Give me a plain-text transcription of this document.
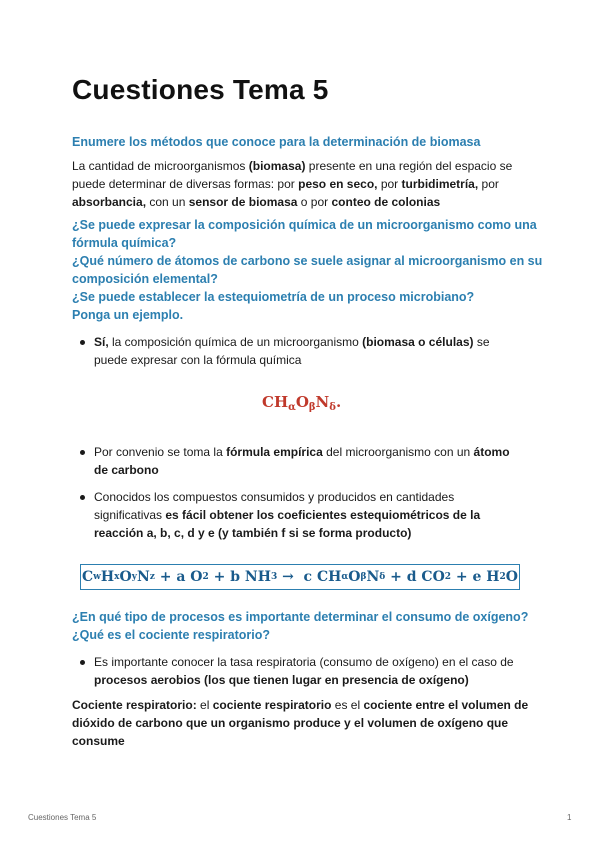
Cuestiones Tema 5

Enumere los métodos que conoce para la determinación de biomasa

La cantidad de microorganismos (biomasa) presente en una región del espacio se puede determinar de diversas formas: por peso en seco, por turbidimetría, por absorbancia, con un sensor de biomasa o por conteo de colonias

¿Se puede expresar la composición química de un microorganismo como una

fórmula química?

¿Qué número de átomos de carbono se suele asignar al microorganismo en su

composición elemental?

¿Se puede establecer la estequiometría de un proceso microbiano?

Ponga un ejemplo.

Sí, la composición química de un microorganismo (biomasa o células) se puede expresar con la fórmula química
$CH_\alpha O_\beta N_\delta$.
Por convenio se toma la fórmula empírica del microorganismo con un átomo de carbono
Conocidos los compuestos consumidos y producidos en cantidades significativas es fácil obtener los coeficientes estequiométricos de la reacción a, b, c, d y e (y también f si se forma producto)
C w H x O y N z + a O 2 + b NH 3 → c CH α O β N δ + d CO 2 + e H 2 O

¿En qué tipo de procesos es importante determinar el consumo de oxígeno?

¿Qué es el cociente respiratorio?

Es importante conocer la tasa respiratoria (consumo de oxígeno) en el caso de procesos aerobios (los que tienen lugar en presencia de oxígeno)

Cociente respiratorio: el cociente respiratorio es el cociente entre el volumen de dióxido de carbono que un organismo produce y el volumen de oxígeno que consume

Cuestiones Tema 5	1
